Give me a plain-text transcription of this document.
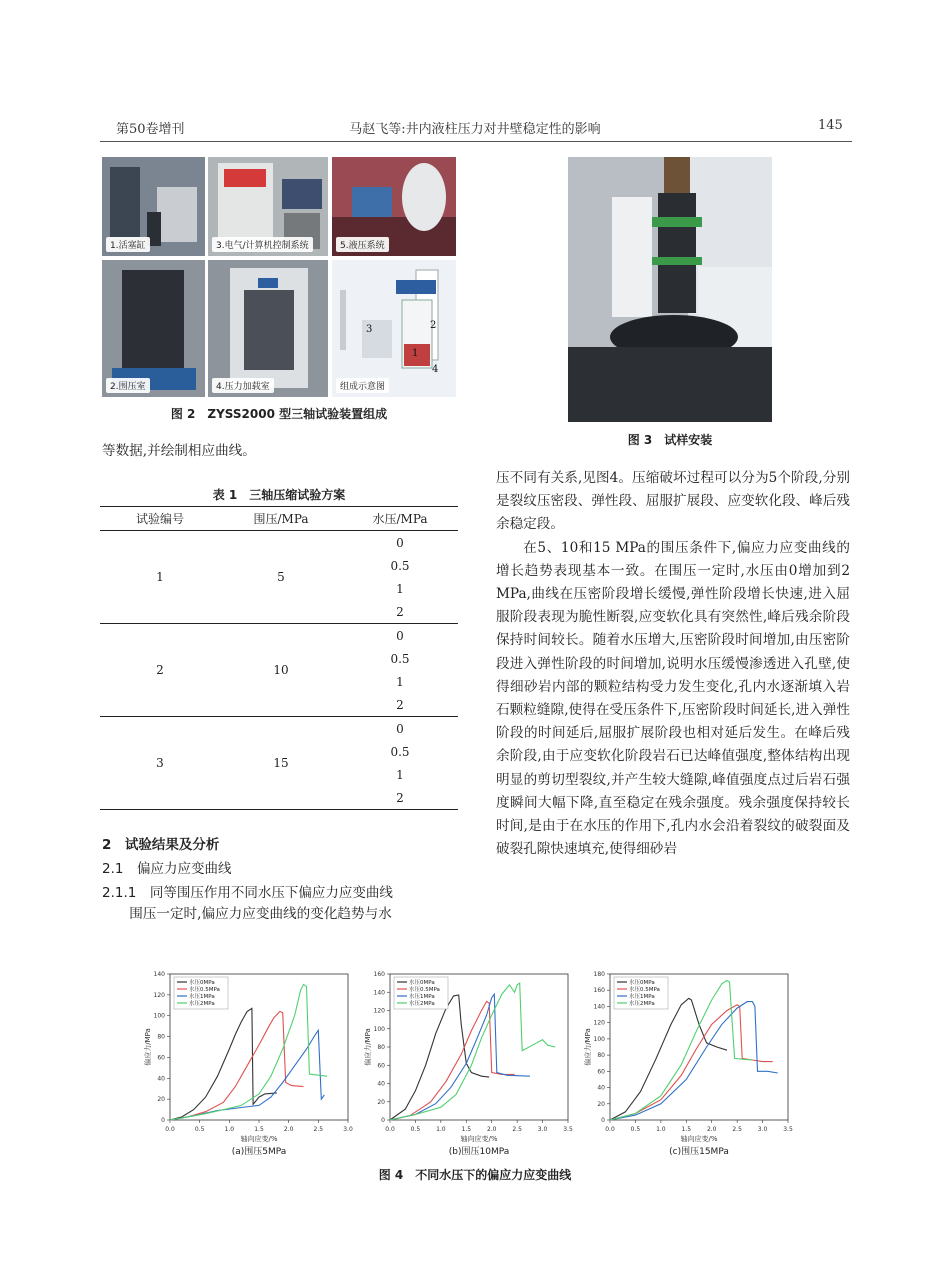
第50卷增刊	马赵飞等:井内液柱压力对井壁稳定性的影响	145
1.活塞缸	3.电气/计算机控制系统	5.液压系统
2.围压室	4.压力加载室
3	2
1
4
组成示意图
图 2　ZYSS2000 型三轴试验装置组成
图 3　试样安装
等数据,并绘制相应曲线。
表 1　三轴压缩试验方案
试验编号	围压/MPa	水压/MPa
1	5	0
		0.5
		1
		2
2	10	0
		0.5
		1
		2
3	15	0
		0.5
		1
		2
2　试验结果及分析
2.1　偏应力应变曲线
2.1.1　同等围压作用不同水压下偏应力应变曲线
围压一定时,偏应力应变曲线的变化趋势与水

压不同有关系,见图4。压缩破坏过程可以分为5个阶段,分别是裂纹压密段、弹性段、屈服扩展段、应变软化段、峰后残余稳定段。

在5、10和15 MPa的围压条件下,偏应力应变曲线的增长趋势表现基本一致。在围压一定时,水压由0增加到2 MPa,曲线在压密阶段增长缓慢,弹性阶段增长快速,进入屈服阶段表现为脆性断裂,应变软化具有突然性,峰后残余阶段保持时间较长。随着水压增大,压密阶段时间增加,由压密阶段进入弹性阶段的时间增加,说明水压缓慢渗透进入孔壁,使得细砂岩内部的颗粒结构受力发生变化,孔内水逐渐填入岩石颗粒缝隙,使得在受压条件下,压密阶段时间延长,进入弹性阶段的时间延后,屈服扩展阶段也相对延后发生。在峰后残余阶段,由于应变软化阶段岩石已达峰值强度,整体结构出现明显的剪切型裂纹,并产生较大缝隙,峰值强度点过后岩石强度瞬间大幅下降,直至稳定在残余强度。残余强度保持较长时间,是由于在水压的作用下,孔内水会沿着裂纹的破裂面及破裂孔隙快速填充,使得细砂岩

0.0	0.5	1.0	1.5	2.0	2.5	3.0
0
20
40
60
80
100
120
140
轴向应变/%
偏应力/MPa
水压0MPa
水压0.5MPa
水压1MPa
水压2MPa
(a)围压5MPa
0.0	0.5	1.0	1.5	2.0	2.5	3.0	3.5
0
20
40
60
80
100
120
140
160
轴向应变/%
偏应力/MPa
水压0MPa
水压0.5MPa
水压1MPa
水压2MPa
(b)围压10MPa
0.0	0.5	1.0	1.5	2.0	2.5	3.0	3.5
0
20
40
60
80
100
120
140
160
180
轴向应变/%
偏应力/MPa
水压0MPa
水压0.5MPa
水压1MPa
水压2MPa
(c)围压15MPa
图 4　不同水压下的偏应力应变曲线
